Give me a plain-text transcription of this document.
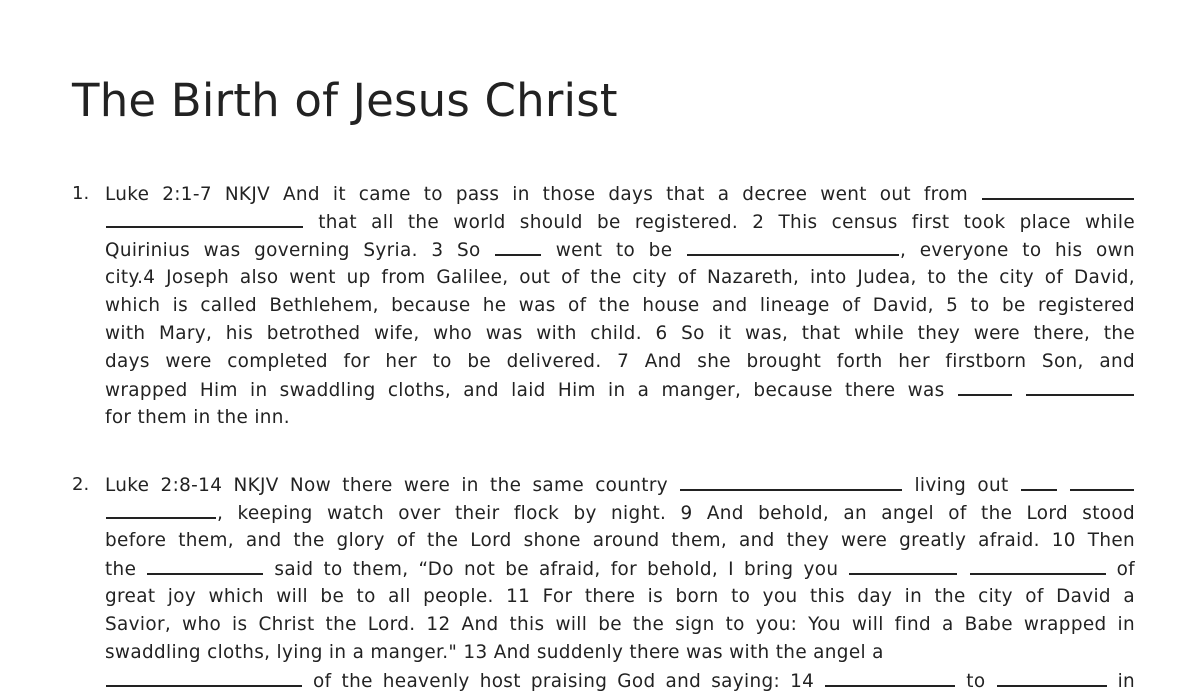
The Birth of Jesus Christ
1. Luke 2:1-7 NKJV And it came to pass in those days that a decree went out from
that all the world should be registered. 2 This census first took place while
Quirinius was governing Syria. 3 So	went to be	, everyone to his own
city.4 Joseph also went up from Galilee, out of the city of Nazareth, into Judea, to the city of David,
which is called Bethlehem, because he was of the house and lineage of David, 5 to be registered
with Mary, his betrothed wife, who was with child. 6 So it was, that while they were there, the
days were completed for her to be delivered. 7 And she brought forth her firstborn Son, and
wrapped Him in swaddling cloths, and laid Him in a manger, because there was
for them in the inn.
2. Luke 2:8-14 NKJV Now there were in the same country	living out
, keeping watch over their flock by night. 9 And behold, an angel of the Lord stood
before them, and the glory of the Lord shone around them, and they were greatly afraid. 10 Then
the	said to them, “Do not be afraid, for behold, I bring you	of
great joy which will be to all people. 11 For there is born to you this day in the city of David a
Savior, who is Christ the Lord. 12 And this will be the sign to you: You will find a Babe wrapped in
swaddling cloths, lying in a manger." 13 And suddenly there was with the angel a
of the heavenly host praising God and saying: 14	to	in
